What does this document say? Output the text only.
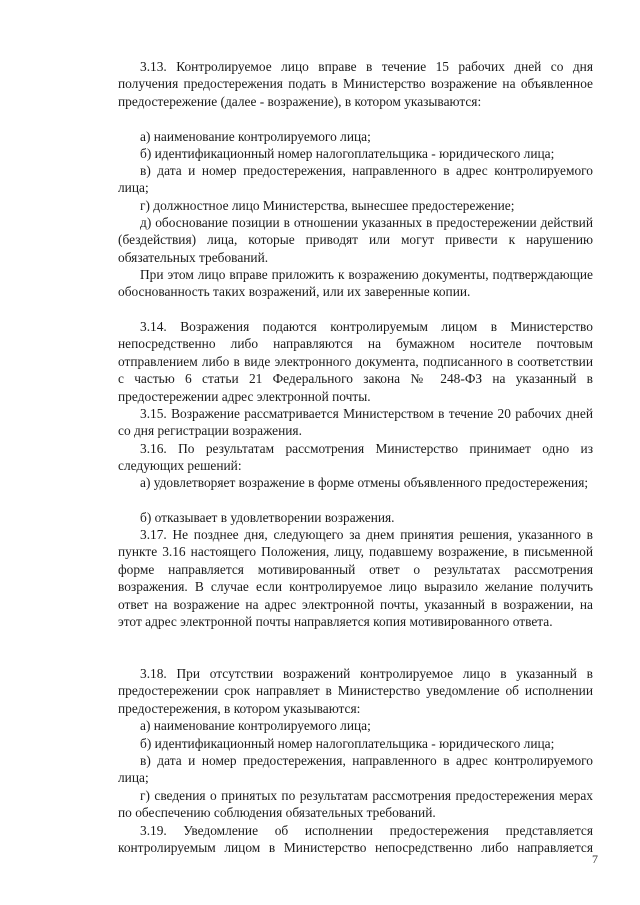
3.13. Контролируемое лицо вправе в течение 15 рабочих дней со дня получения предостережения подать в Министерство возражение на объявленное предостережение (далее - возражение), в котором указываются:

а) наименование контролируемого лица;

б) идентификационный номер налогоплательщика - юридического лица;

в) дата и номер предостережения, направленного в адрес контролируемого лица;

г) должностное лицо Министерства, вынесшее предостережение;

д) обоснование позиции в отношении указанных в предостережении действий (бездействия) лица, которые приводят или могут привести к нарушению обязательных требований.

При этом лицо вправе приложить к возражению документы, подтверждающие обоснованность таких возражений, или их заверенные копии.

3.14. Возражения подаются контролируемым лицом в Министерство непосредственно либо направляются на бумажном носителе почтовым отправлением либо в виде электронного документа, подписанного в соответствии с частью 6 статьи 21 Федерального закона № 248-ФЗ на указанный в предостережении адрес электронной почты.

3.15. Возражение рассматривается Министерством в течение 20 рабочих дней со дня регистрации возражения.

3.16. По результатам рассмотрения Министерство принимает одно из следующих решений:

а) удовлетворяет возражение в форме отмены объявленного предостережения;

б) отказывает в удовлетворении возражения.

3.17. Не позднее дня, следующего за днем принятия решения, указанного в пункте 3.16 настоящего Положения, лицу, подавшему возражение, в письменной форме направляется мотивированный ответ о результатах рассмотрения возражения. В случае если контролируемое лицо выразило желание получить ответ на возражение на адрес электронной почты, указанный в возражении, на этот адрес электронной почты направляется копия мотивированного ответа.

3.18. При отсутствии возражений контролируемое лицо в указанный в предостережении срок направляет в Министерство уведомление об исполнении предостережения, в котором указываются:

а) наименование контролируемого лица;

б) идентификационный номер налогоплательщика - юридического лица;

в) дата и номер предостережения, направленного в адрес контролируемого лица;

г) сведения о принятых по результатам рассмотрения предостережения мерах по обеспечению соблюдения обязательных требований.

3.19. Уведомление об исполнении предостережения представляется контролируемым лицом в Министерство непосредственно либо направляется

7
